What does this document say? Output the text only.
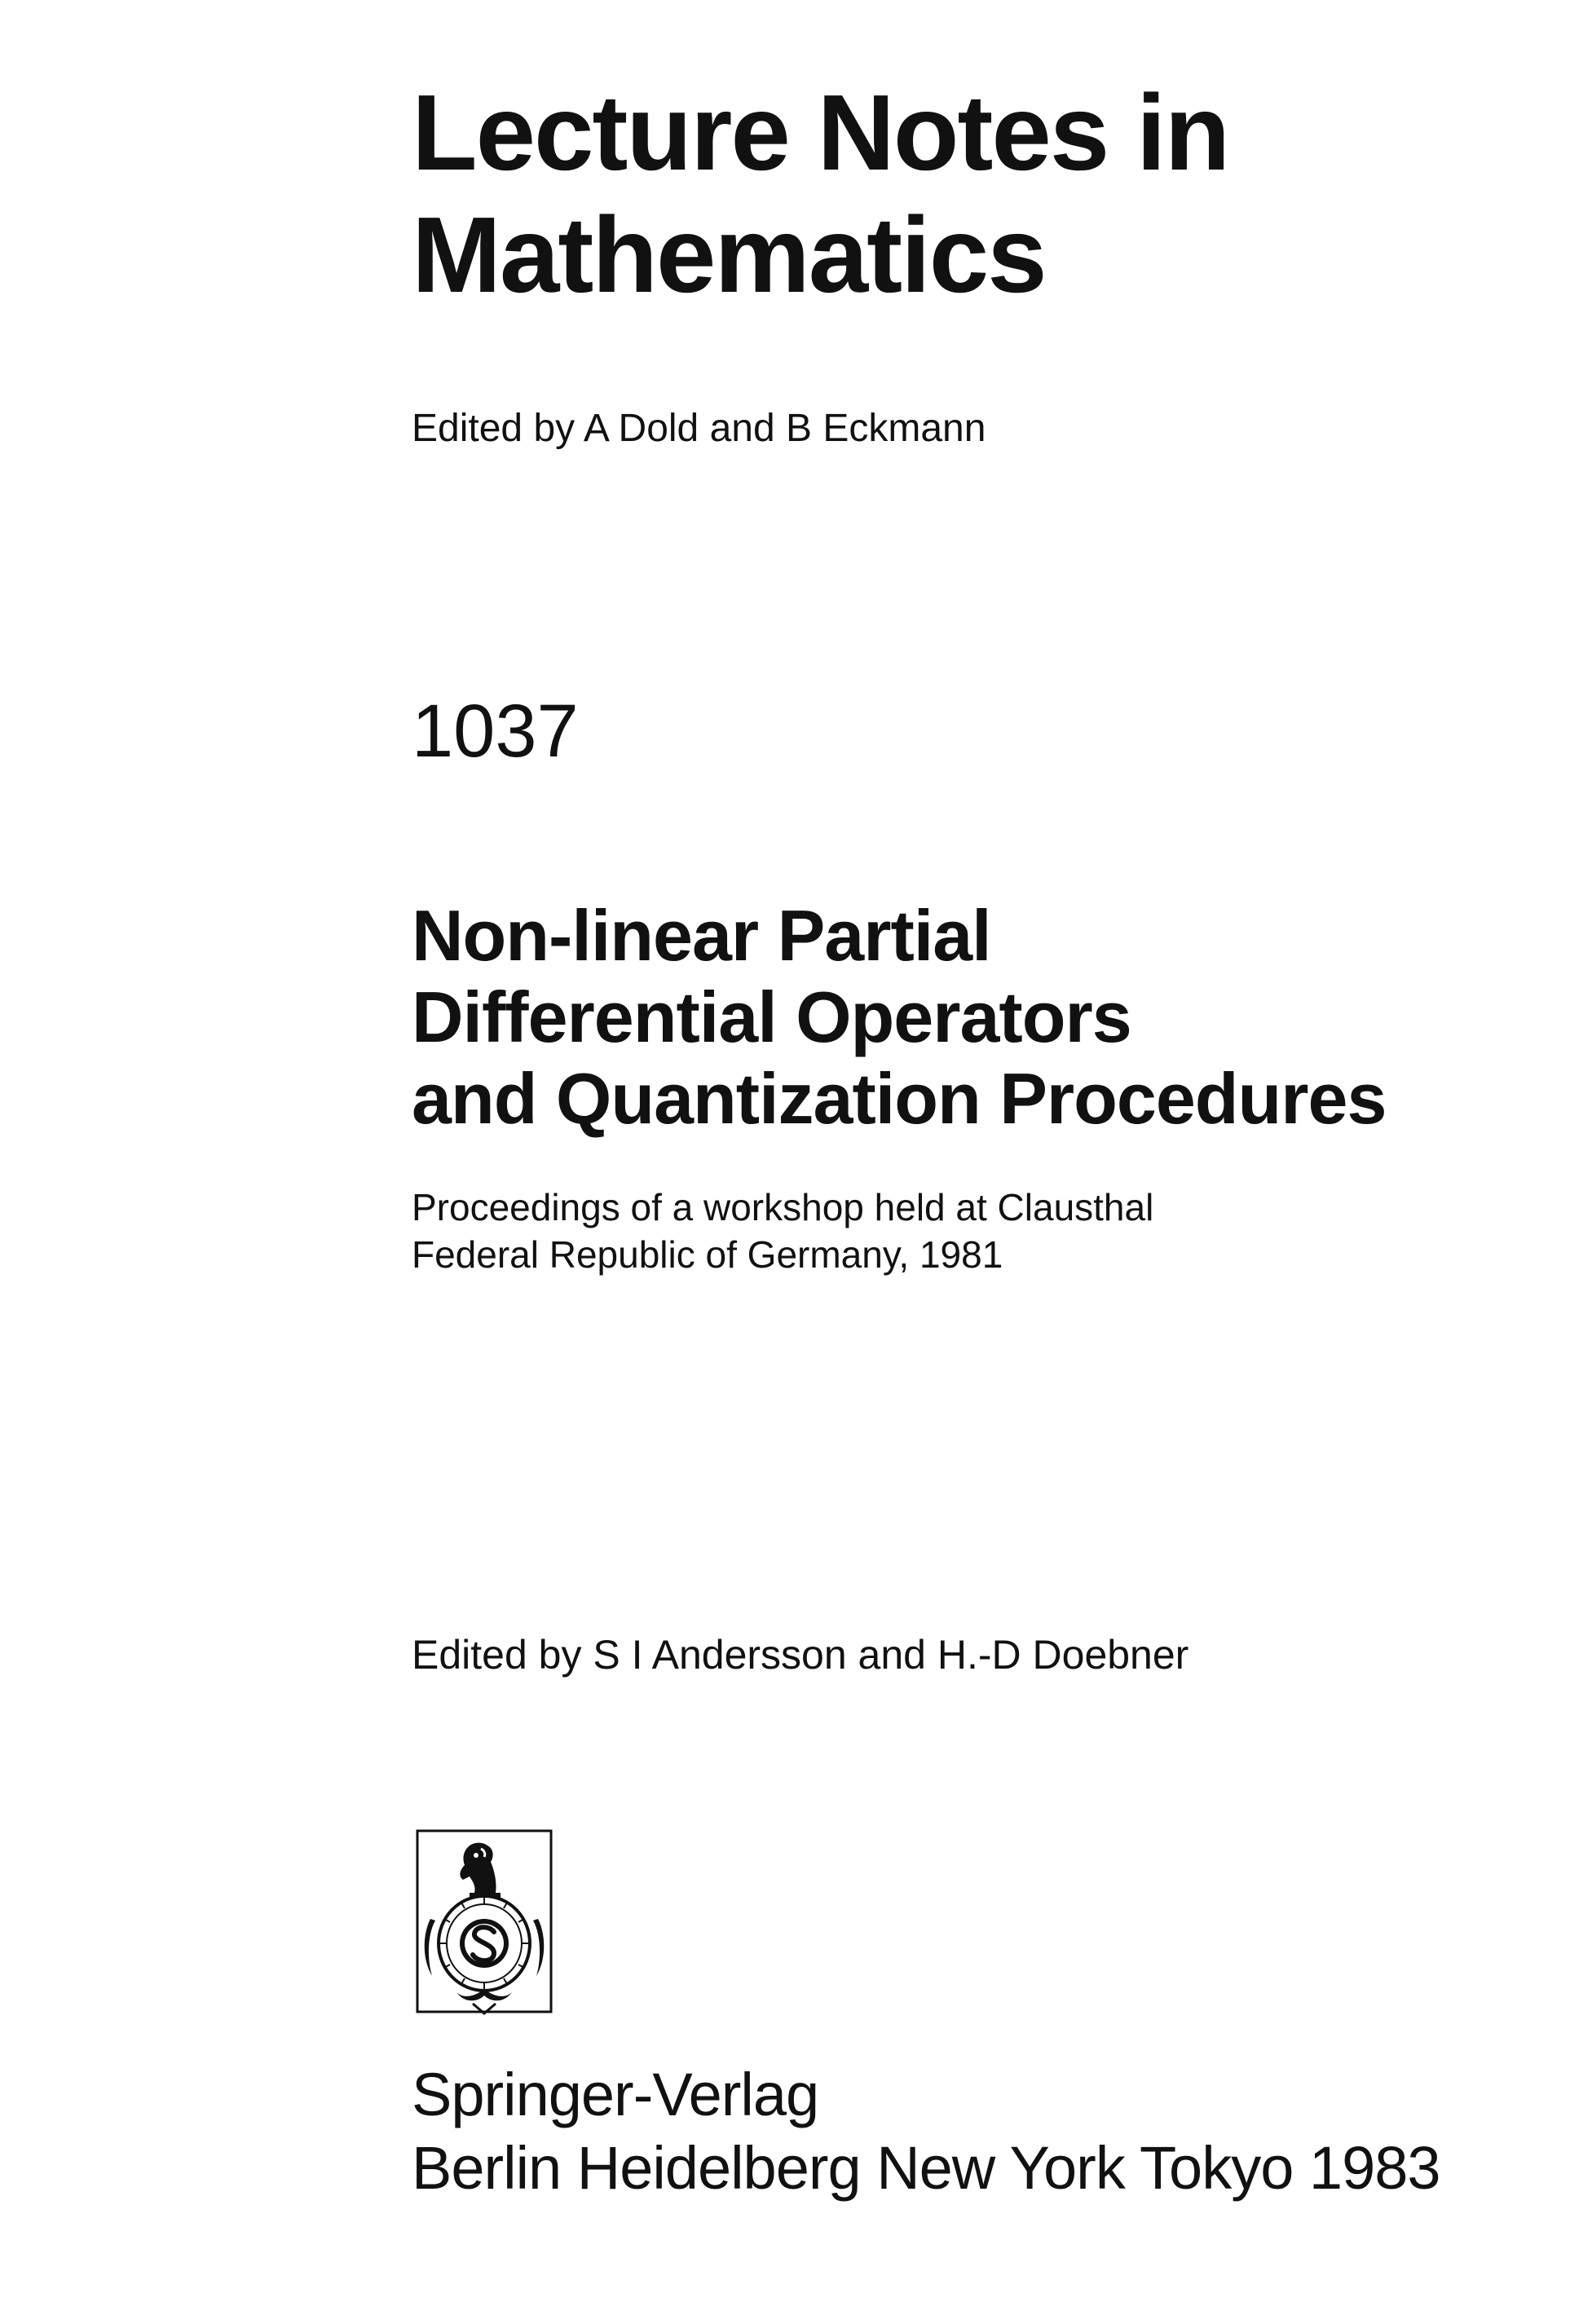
Lecture Notes in
Mathematics

Edited by A Dold and B Eckmann

1037

Non-linear Partial
Differential Operators
and Quantization Procedures

Proceedings of a workshop held at Clausthal
Federal Republic of Germany, 1981

Edited by S I Andersson and H.-D Doebner

Springer-Verlag
Berlin Heidelberg New York Tokyo 1983
